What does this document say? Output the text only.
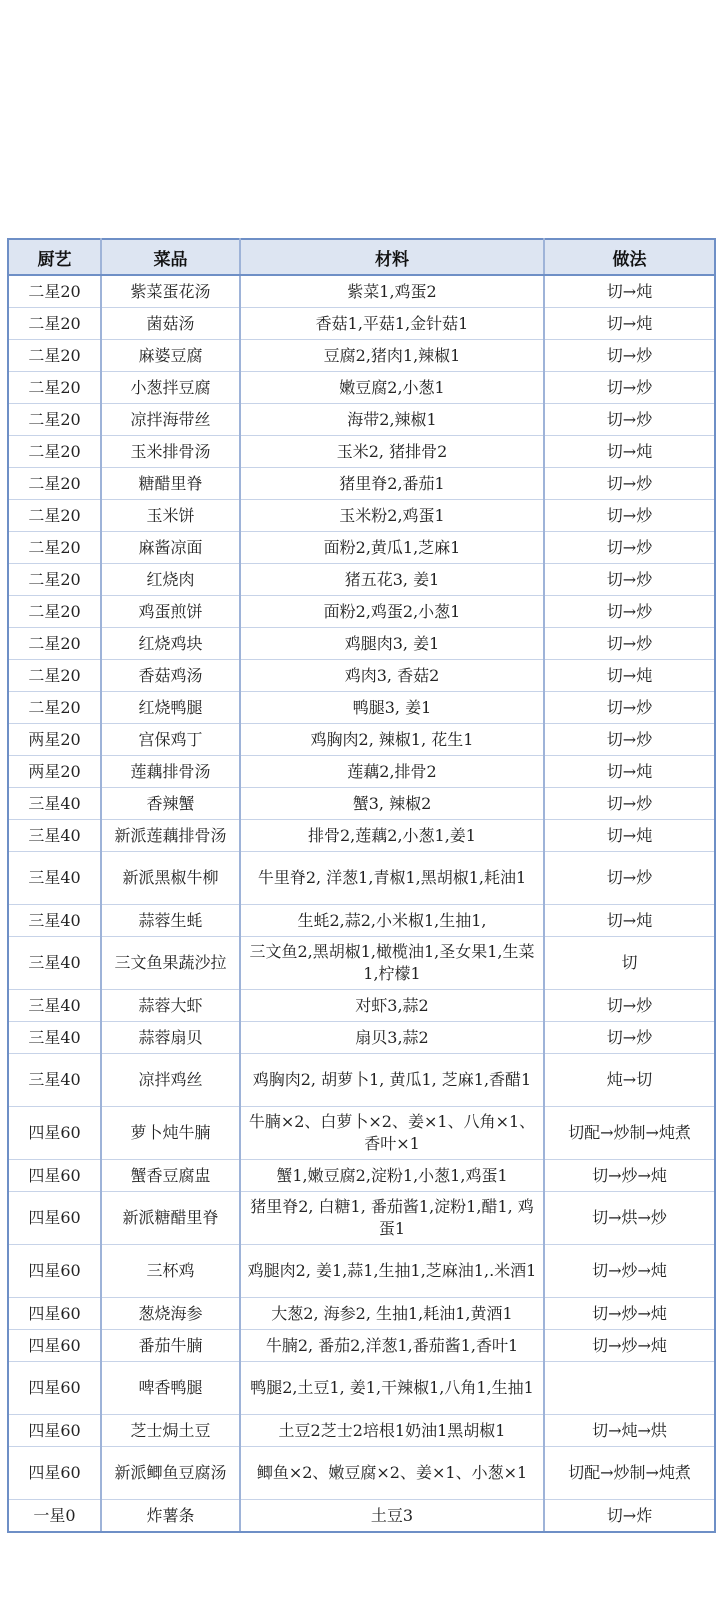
厨艺	菜品	材料	做法
二星20	紫菜蛋花汤	紫菜1,鸡蛋2	切→炖
二星20	菌菇汤	香菇1,平菇1,金针菇1	切→炖
二星20	麻婆豆腐	豆腐2,猪肉1,辣椒1	切→炒
二星20	小葱拌豆腐	嫩豆腐2,小葱1	切→炒
二星20	凉拌海带丝	海带2,辣椒1	切→炒
二星20	玉米排骨汤	玉米2, 猪排骨2	切→炖
二星20	糖醋里脊	猪里脊2,番茄1	切→炒
二星20	玉米饼	玉米粉2,鸡蛋1	切→炒
二星20	麻酱凉面	面粉2,黄瓜1,芝麻1	切→炒
二星20	红烧肉	猪五花3, 姜1	切→炒
二星20	鸡蛋煎饼	面粉2,鸡蛋2,小葱1	切→炒
二星20	红烧鸡块	鸡腿肉3, 姜1	切→炒
二星20	香菇鸡汤	鸡肉3, 香菇2	切→炖
二星20	红烧鸭腿	鸭腿3, 姜1	切→炒
两星20	宫保鸡丁	鸡胸肉2, 辣椒1, 花生1	切→炒
两星20	莲藕排骨汤	莲藕2,排骨2	切→炖
三星40	香辣蟹	蟹3, 辣椒2	切→炒
三星40	新派莲藕排骨汤	排骨2,莲藕2,小葱1,姜1	切→炖
三星40	新派黑椒牛柳	牛里脊2, 洋葱1,青椒1,黑胡椒1,耗油1	切→炒
三星40	蒜蓉生蚝	生蚝2,蒜2,小米椒1,生抽1,	切→炖
三星40	三文鱼果蔬沙拉	三文鱼2,黑胡椒1,橄榄油1,圣女果1,生菜1,柠檬1	切
三星40	蒜蓉大虾	对虾3,蒜2	切→炒
三星40	蒜蓉扇贝	扇贝3,蒜2	切→炒
三星40	凉拌鸡丝	鸡胸肉2, 胡萝卜1, 黄瓜1, 芝麻1,香醋1	炖→切
四星60	萝卜炖牛腩	牛腩×2、白萝卜×2、姜×1、八角×1、香叶×1	切配→炒制→炖煮
四星60	蟹香豆腐盅	蟹1,嫩豆腐2,淀粉1,小葱1,鸡蛋1	切→炒→炖
四星60	新派糖醋里脊	猪里脊2, 白糖1, 番茄酱1,淀粉1,醋1, 鸡蛋1	切→烘→炒
四星60	三杯鸡	鸡腿肉2, 姜1,蒜1,生抽1,芝麻油1,.米酒1	切→炒→炖
四星60	葱烧海参	大葱2, 海参2, 生抽1,耗油1,黄酒1	切→炒→炖
四星60	番茄牛腩	牛腩2, 番茄2,洋葱1,番茄酱1,香叶1	切→炒→炖
四星60	啤香鸭腿	鸭腿2,土豆1, 姜1,干辣椒1,八角1,生抽1	
四星60	芝士焗土豆	土豆2芝士2培根1奶油1黑胡椒1	切→炖→烘
四星60	新派鲫鱼豆腐汤	鲫鱼×2、嫩豆腐×2、姜×1、小葱×1	切配→炒制→炖煮
一星0	炸薯条	土豆3	切→炸
